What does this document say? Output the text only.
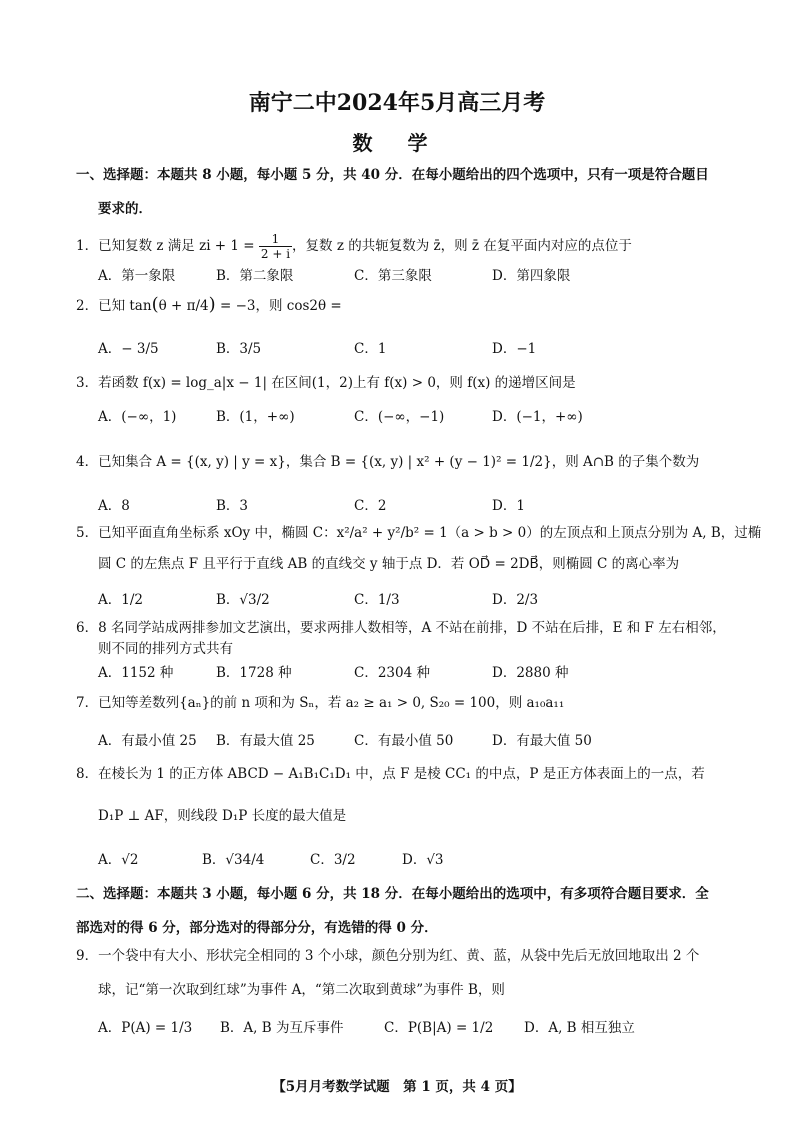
南宁二中2024年5月高三月考
数 学
一、选择题：本题共 8 小题，每小题 5 分，共 40 分．在每小题给出的四个选项中，只有一项是符合题目
要求的．
1．已知复数 z 满足 zi + $1 = \frac{1}{2 + i}$ ，复数 z 的共轭复数为 z̄，则 z̄ 在复平面内对应的点位于
A．第一象限	B．第二象限	C．第三象限	D．第四象限
2．已知 tan(θ + π/4) = −3，则 cos2θ =
A．− 3/5	B．3/5	C．1	D．−1
3．若函数 f(x) = log_a|x − 1| 在区间(1，2)上有 f(x) > 0，则 f(x) 的递增区间是
A．(−∞，1)	B．(1，+∞)	C．(−∞，−1)	D．(−1，+∞)
4．已知集合 A = {(x, y) | y = x}，集合 B = {(x, y) | x² + (y − 1)² = 1/2}，则 A∩B 的子集个数为
A．8	B．3	C．2	D．1
5．已知平面直角坐标系 xOy 中，椭圆 C：x²/a² + y²/b² = 1（a > b > 0）的左顶点和上顶点分别为 A, B，过椭
圆 C 的左焦点 F 且平行于直线 AB 的直线交 y 轴于点 D．若 OD⃗ = 2DB⃗，则椭圆 C 的离心率为
A．1/2	B．√3/2	C．1/3	D．2/3
6．8 名同学站成两排参加文艺演出，要求两排人数相等，A 不站在前排，D 不站在后排，E 和 F 左右相邻，
则不同的排列方式共有
A．1152 种	B．1728 种	C．2304 种	D．2880 种
7．已知等差数列{aₙ}的前 n 项和为 Sₙ，若 a₂ ≥ a₁ > 0, S₂₀ = 100，则 a₁₀a₁₁
A．有最小值 25 B．有最大值 25	C．有最小值 50	D．有最大值 50
8．在棱长为 1 的正方体 ABCD − A₁B₁C₁D₁ 中，点 F 是棱 CC₁ 的中点，P 是正方体表面上的一点，若
D₁P ⊥ AF，则线段 D₁P 长度的最大值是
A．√2	B．√34/4	C．3/2	D．√3
二、选择题：本题共 3 小题，每小题 6 分，共 18 分．在每小题给出的选项中，有多项符合题目要求．全
部选对的得 6 分，部分选对的得部分分，有选错的得 0 分．
9．一个袋中有大小、形状完全相同的 3 个小球，颜色分别为红、黄、蓝，从袋中先后无放回地取出 2 个
球，记“第一次取到红球”为事件 A，“第二次取到黄球”为事件 B，则
A．P(A) = 1/3 B．A, B 为互斥事件	C．P(B|A) = 1/2 D．A, B 相互独立
【5月月考数学试题　第 1 页，共 4 页】
